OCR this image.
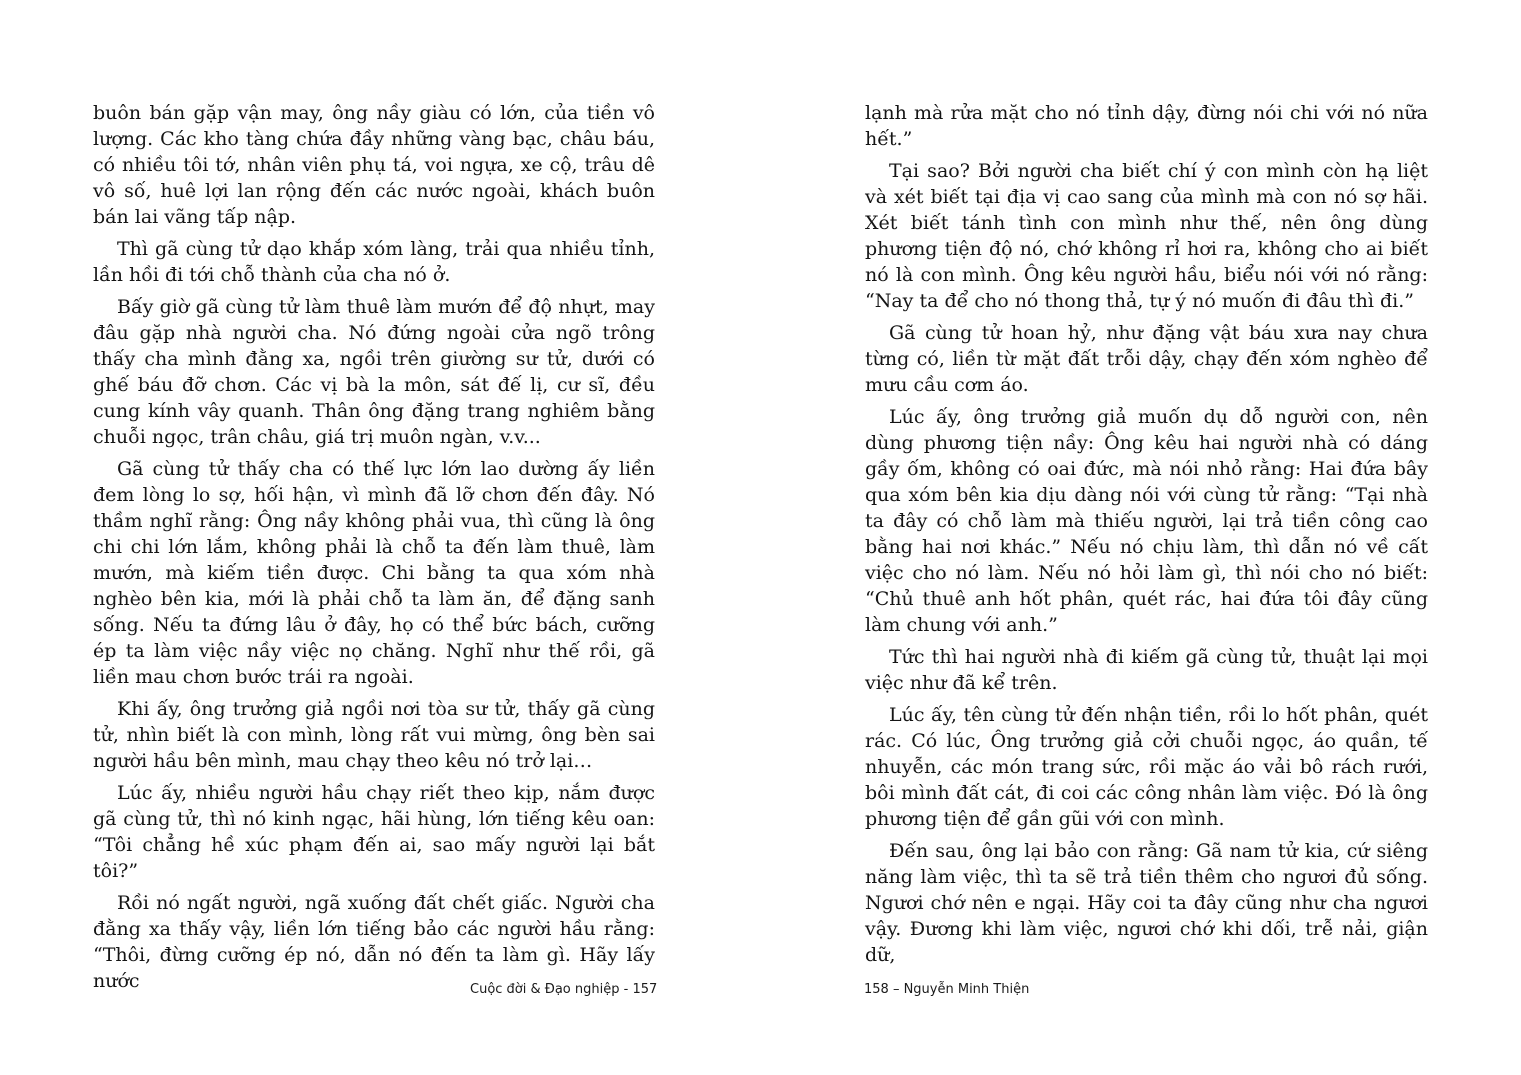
buôn bán gặp vận may, ông nầy giàu có lớn, của tiền vô lượng. Các kho tàng chứa đầy những vàng bạc, châu báu, có nhiều tôi tớ, nhân viên phụ tá, voi ngựa, xe cộ, trâu dê vô số, huê lợi lan rộng đến các nước ngoài, khách buôn bán lai vãng tấp nập.

Thì gã cùng tử dạo khắp xóm làng, trải qua nhiều tỉnh, lần hồi đi tới chỗ thành của cha nó ở.

Bấy giờ gã cùng tử làm thuê làm mướn để độ nhựt, may đâu gặp nhà người cha. Nó đứng ngoài cửa ngõ trông thấy cha mình đằng xa, ngồi trên giường sư tử, dưới có ghế báu đỡ chơn. Các vị bà la môn, sát đế lị, cư sĩ, đều cung kính vây quanh. Thân ông đặng trang nghiêm bằng chuỗi ngọc, trân châu, giá trị muôn ngàn, v.v...

Gã cùng tử thấy cha có thế lực lớn lao dường ấy liền đem lòng lo sợ, hối hận, vì mình đã lỡ chơn đến đây. Nó thầm nghĩ rằng: Ông nầy không phải vua, thì cũng là ông chi chi lớn lắm, không phải là chỗ ta đến làm thuê, làm mướn, mà kiếm tiền được. Chi bằng ta qua xóm nhà nghèo bên kia, mới là phải chỗ ta làm ăn, để đặng sanh sống. Nếu ta đứng lâu ở đây, họ có thể bức bách, cưỡng ép ta làm việc nầy việc nọ chăng. Nghĩ như thế rồi, gã liền mau chơn bước trái ra ngoài.

Khi ấy, ông trưởng giả ngồi nơi tòa sư tử, thấy gã cùng tử, nhìn biết là con mình, lòng rất vui mừng, ông bèn sai người hầu bên mình, mau chạy theo kêu nó trở lại…

Lúc ấy, nhiều người hầu chạy riết theo kịp, nắm được gã cùng tử, thì nó kinh ngạc, hãi hùng, lớn tiếng kêu oan: “Tôi chẳng hề xúc phạm đến ai, sao mấy người lại bắt tôi?”

Rồi nó ngất người, ngã xuống đất chết giấc. Người cha đằng xa thấy vậy, liền lớn tiếng bảo các người hầu rằng: “Thôi, đừng cưỡng ép nó, dẫn nó đến ta làm gì. Hãy lấy nước	Cuộc đời & Đạo nghiệp - 157

lạnh mà rửa mặt cho nó tỉnh dậy, đừng nói chi với nó nữa hết.”

Tại sao? Bởi người cha biết chí ý con mình còn hạ liệt và xét biết tại địa vị cao sang của mình mà con nó sợ hãi. Xét biết tánh tình con mình như thế, nên ông dùng phương tiện độ nó, chớ không rỉ hơi ra, không cho ai biết nó là con mình. Ông kêu người hầu, biểu nói với nó rằng: “Nay ta để cho nó thong thả, tự ý nó muốn đi đâu thì đi.”

Gã cùng tử hoan hỷ, như đặng vật báu xưa nay chưa từng có, liền từ mặt đất trỗi dậy, chạy đến xóm nghèo để mưu cầu cơm áo.

Lúc ấy, ông trưởng giả muốn dụ dỗ người con, nên dùng phương tiện nầy: Ông kêu hai người nhà có dáng gầy ốm, không có oai đức, mà nói nhỏ rằng: Hai đứa bây qua xóm bên kia dịu dàng nói với cùng tử rằng: “Tại nhà ta đây có chỗ làm mà thiếu người, lại trả tiền công cao bằng hai nơi khác.” Nếu nó chịu làm, thì dẫn nó về cất việc cho nó làm. Nếu nó hỏi làm gì, thì nói cho nó biết: “Chủ thuê anh hốt phân, quét rác, hai đứa tôi đây cũng làm chung với anh.”

Tức thì hai người nhà đi kiếm gã cùng tử, thuật lại mọi việc như đã kể trên.

Lúc ấy, tên cùng tử đến nhận tiền, rồi lo hốt phân, quét rác. Có lúc, Ông trưởng giả cởi chuỗi ngọc, áo quần, tế nhuyễn, các món trang sức, rồi mặc áo vải bô rách rưới, bôi mình đất cát, đi coi các công nhân làm việc. Đó là ông phương tiện để gần gũi với con mình.

Đến sau, ông lại bảo con rằng: Gã nam tử kia, cứ siêng năng làm việc, thì ta sẽ trả tiền thêm cho ngươi đủ sống. Ngươi chớ nên e ngại. Hãy coi ta đây cũng như cha ngươi vậy. Đương khi làm việc, ngươi chớ khi dối, trễ nải, giận dữ,

158 – Nguyễn Minh Thiện
